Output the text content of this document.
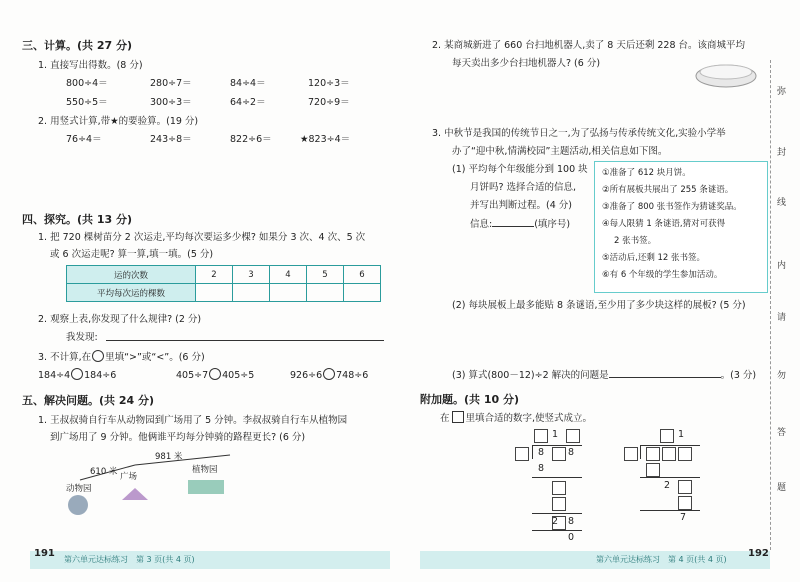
三、计算。(共 27 分)
1. 直接写出得数。(8 分)
800÷4＝	280÷7＝	84÷4＝	120÷3＝
550÷5＝	300÷3＝	64÷2＝	720÷9＝
2. 用竖式计算,带★的要验算。(19 分)
76÷4＝	243÷8＝	822÷6＝	★823÷4＝
四、探究。(共 13 分)
1. 把 720 棵树苗分 2 次运走,平均每次要运多少棵? 如果分 3 次、4 次、5 次
或 6 次运走呢? 算一算,填一填。(5 分)
运的次数	2	3	4	5	6
平均每次运的棵数					
2. 观察上表,你发现了什么规律? (2 分)
我发现:
3. 不计算,在 里填“>”或“<”。(6 分)
184÷4 184÷6	405÷7 405÷5	926÷6 748÷6
五、解决问题。(共 24 分)
1. 王叔叔骑自行车从动物园到广场用了 5 分钟。李叔叔骑自行车从植物园
到广场用了 9 分钟。他俩谁平均每分钟骑的路程更长? (6 分)
610 米
981 米
动物园
广场
植物园
191
第六单元达标练习　第 3 页(共 4 页)
2. 某商城新进了 660 台扫地机器人,卖了 8 天后还剩 228 台。该商城平均
每天卖出多少台扫地机器人? (6 分)
3. 中秋节是我国的传统节日之一,为了弘扬与传承传统文化,实验小学举
办了“迎中秋,情满校园”主题活动,相关信息如下图。
(1) 平均每个年级能分到 100 块
月饼吗? 选择合适的信息,
并写出判断过程。(4 分)
信息:	(填序号)
①准备了 612 块月饼。
②所有展板共展出了 255 条谜语。
③准备了 800 张书签作为猜谜奖品。
④每人限猜 1 条谜语,猜对可获得
2 张书签。
⑤活动后,还剩 12 张书签。
⑥有 6 个年级的学生参加活动。
(2) 每块展板上最多能贴 8 条谜语,至少用了多少块这样的展板? (5 分)
(3) 算式(800－12)÷2 解决的问题是	。(3 分)
附加题。(共 10 分)
在 里填合适的数字,使竖式成立。
1
8	8
8
2 8
0
1
2
7
第六单元达标练习　第 4 页(共 4 页)
192
弥
封
线
内
请
勿
答
题
